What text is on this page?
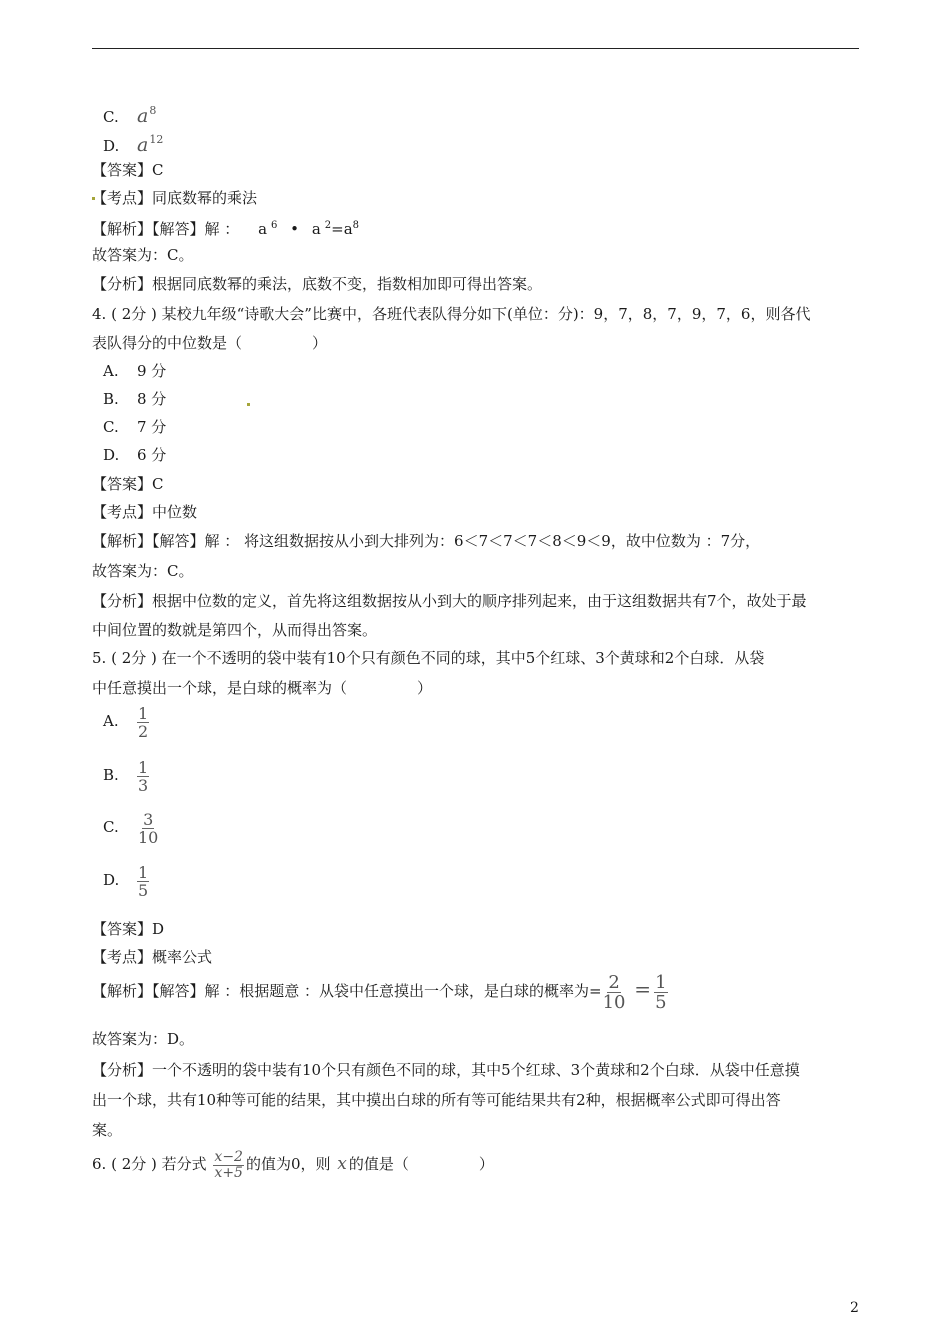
C. $a^8$
D. $a^{12}$
【答案】C
【考点】同底数幂的乘法
【解析】【解答】解 ： a $^6$ • a $^2=a^8$
故答案为：C。
【分析】根据同底数幂的乘法，底数不变，指数相加即可得出答案。
4. ( 2分 ) 某校九年级“诗歌大会”比赛中，各班代表队得分如下(单位：分)：9，7，8，7，9，7，6，则各代
表队得分的中位数是（	）
A. 9 分
B. 8 分
C. 7 分
D. 6 分
【答案】C
【考点】中位数
【解析】【解答】解 ： 将这组数据按从小到大排列为：6＜7＜7＜7＜8＜9＜9，故中位数为 ：7分，
故答案为：C。
【分析】根据中位数的定义，首先将这组数据按从小到大的顺序排列起来，由于这组数据共有7个，故处于最
中间位置的数就是第四个，从而得出答案。
5. ( 2分 ) 在一个不透明的袋中装有10个只有颜色不同的球，其中5个红球、3个黄球和2个白球．从袋
中任意摸出一个球，是白球的概率为（	）
A. $\frac{1}{2}$
B. $\frac{1}{3}$
C. $\frac{3}{10}$
D. $\frac{1}{5}$
【答案】D
【考点】概率公式
【解析】【解答】解 ：根据题意 ：从袋中任意摸出一个球，是白球的概率为= $\frac{2}{10} = \frac{1}{5}$
故答案为：D。
【分析】一个不透明的袋中装有10个只有颜色不同的球，其中5个红球、3个黄球和2个白球．从袋中任意摸
出一个球，共有10种等可能的结果，其中摸出白球的所有等可能结果共有2种，根据概率公式即可得出答
案。
6. ( 2分 ) 若分式 $\frac{x-2}{x+5}$ 的值为0，则 x 的值是（	）
2
